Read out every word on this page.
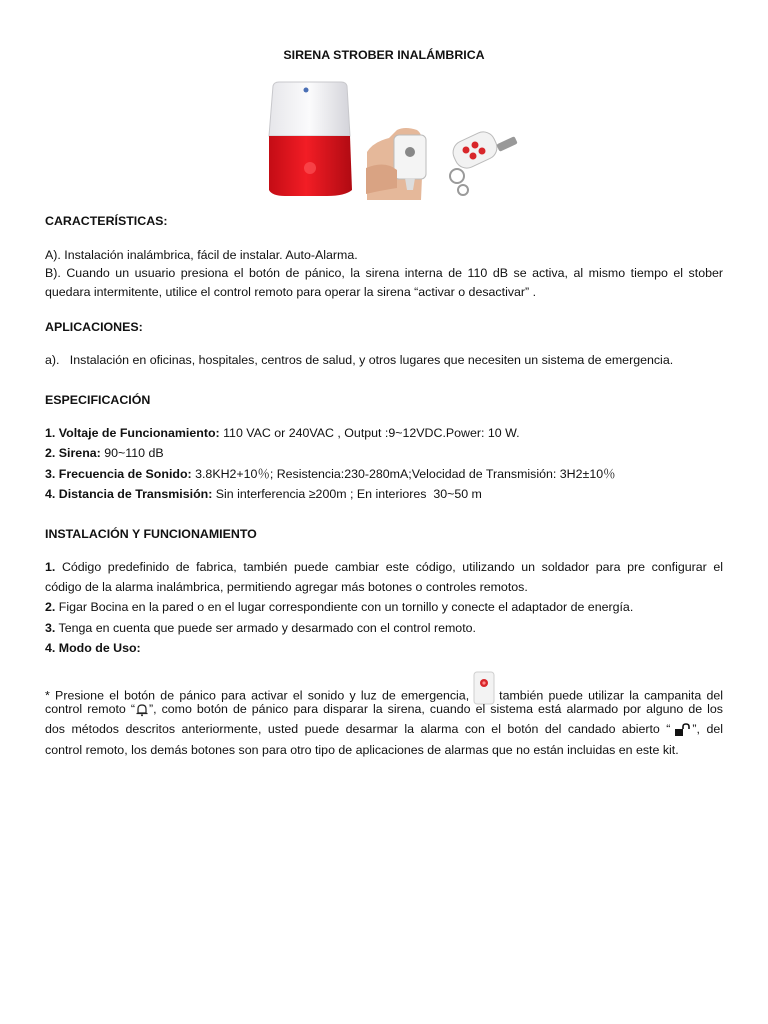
SIRENA STROBER INALÁMBRICA
CARACTERÍSTICAS:
A). Instalación inalámbrica, fácil de instalar. Auto-Alarma.
B). Cuando un usuario presiona el botón de pánico, la sirena interna de 110 dB se activa, al mismo tiempo el stober
quedara intermitente, utilice el control remoto para operar la sirena “activar o desactivar” .
APLICACIONES:
a).   Instalación en oficinas, hospitales, centros de salud, y otros lugares que necesiten un sistema de emergencia.
ESPECIFICACIÓN
1. Voltaje de Funcionamiento: 110 VAC or 240VAC , Output :9~12VDC.Power: 10 W.
2. Sirena: 90~110 dB
3. Frecuencia de Sonido: 3.8KH2+10％; Resistencia:230-280mA;Velocidad de Transmisión: 3H2±10％
4. Distancia de Transmisión: Sin interferencia ≥200m ; En interiores  30~50 m
INSTALACIÓN Y FUNCIONAMIENTO
1. Código predefinido de fabrica, también puede cambiar este código, utilizando un soldador para pre configurar el
código de la alarma inalámbrica, permitiendo agregar más botones o controles remotos.
2. Figar Bocina en la pared o en el lugar correspondiente con un tornillo y conecte el adaptador de energía.
3. Tenga en cuenta que puede ser armado y desarmado con el control remoto.
4. Modo de Uso:
* Presione el botón de pánico para activar el sonido y luz de emergencia, también puede utilizar la campanita del
control remoto “ ”, como botón de pánico para disparar la sirena, cuando el sistema está alarmado por alguno de los
dos métodos descritos anteriormente, usted puede desarmar la alarma con el botón del candado abierto “ ”, del
control remoto, los demás botones son para otro tipo de aplicaciones de alarmas que no están incluidas en este kit.
